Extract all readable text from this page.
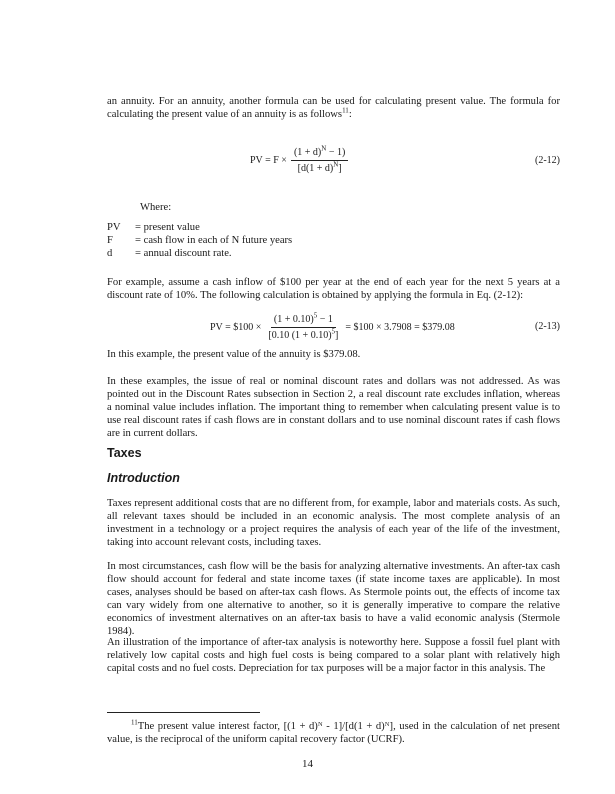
an annuity. For an annuity, another formula can be used for calculating present value. The formula for calculating the present value of an annuity is as follows$^{11}$:
PV = $F \times \frac{(1 + d)^N - 1)}{[d(1 + d)^N]}$	(2-12)
Where:
PV	= present value
F	= cash flow in each of N future years
d	= annual discount rate.
For example, assume a cash inflow of $100 per year at the end of each year for the next 5 years at a discount rate of 10%. The following calculation is obtained by applying the formula in Eq. (2-12):
PV = $100 × $\frac{(1 + 0.10)^5 - 1}{[0.10 (1 + 0.10)^5]}$ = $100 × 3.7908 = $379.08	(2-13)
In this example, the present value of the annuity is $379.08.
In these examples, the issue of real or nominal discount rates and dollars was not addressed. As was pointed out in the Discount Rates subsection in Section 2, a real discount rate excludes inflation, whereas a nominal value includes inflation. The important thing to remember when calculating present value is to use real discount rates if cash flows are in constant dollars and to use nominal discount rates if cash flows are in current dollars.
Taxes
Introduction
Taxes represent additional costs that are no different from, for example, labor and materials costs. As such, all relevant taxes should be included in an economic analysis. The most complete analysis of an investment in a technology or a project requires the analysis of each year of the life of the investment, taking into account relevant costs, including taxes.
In most circumstances, cash flow will be the basis for analyzing alternative investments. An after-tax cash flow should account for federal and state income taxes (if state income taxes are applicable). In most cases, analyses should be based on after-tax cash flows. As Stermole points out, the effects of income tax can vary widely from one alternative to another, so it is generally imperative to compare the relative economics of investment alternatives on an after-tax basis to have a valid economic analysis (Stermole 1984).
An illustration of the importance of after-tax analysis is noteworthy here. Suppose a fossil fuel plant with relatively low capital costs and high fuel costs is being compared to a solar plant with relatively high capital costs and no fuel costs. Depreciation for tax purposes will be a major factor in this analysis. The
$^{11}$The present value interest factor, [(1 + d)ᴺ - 1]/[d(1 + d)ᴺ], used in the calculation of net present value, is the reciprocal of the uniform capital recovery factor (UCRF).
14
